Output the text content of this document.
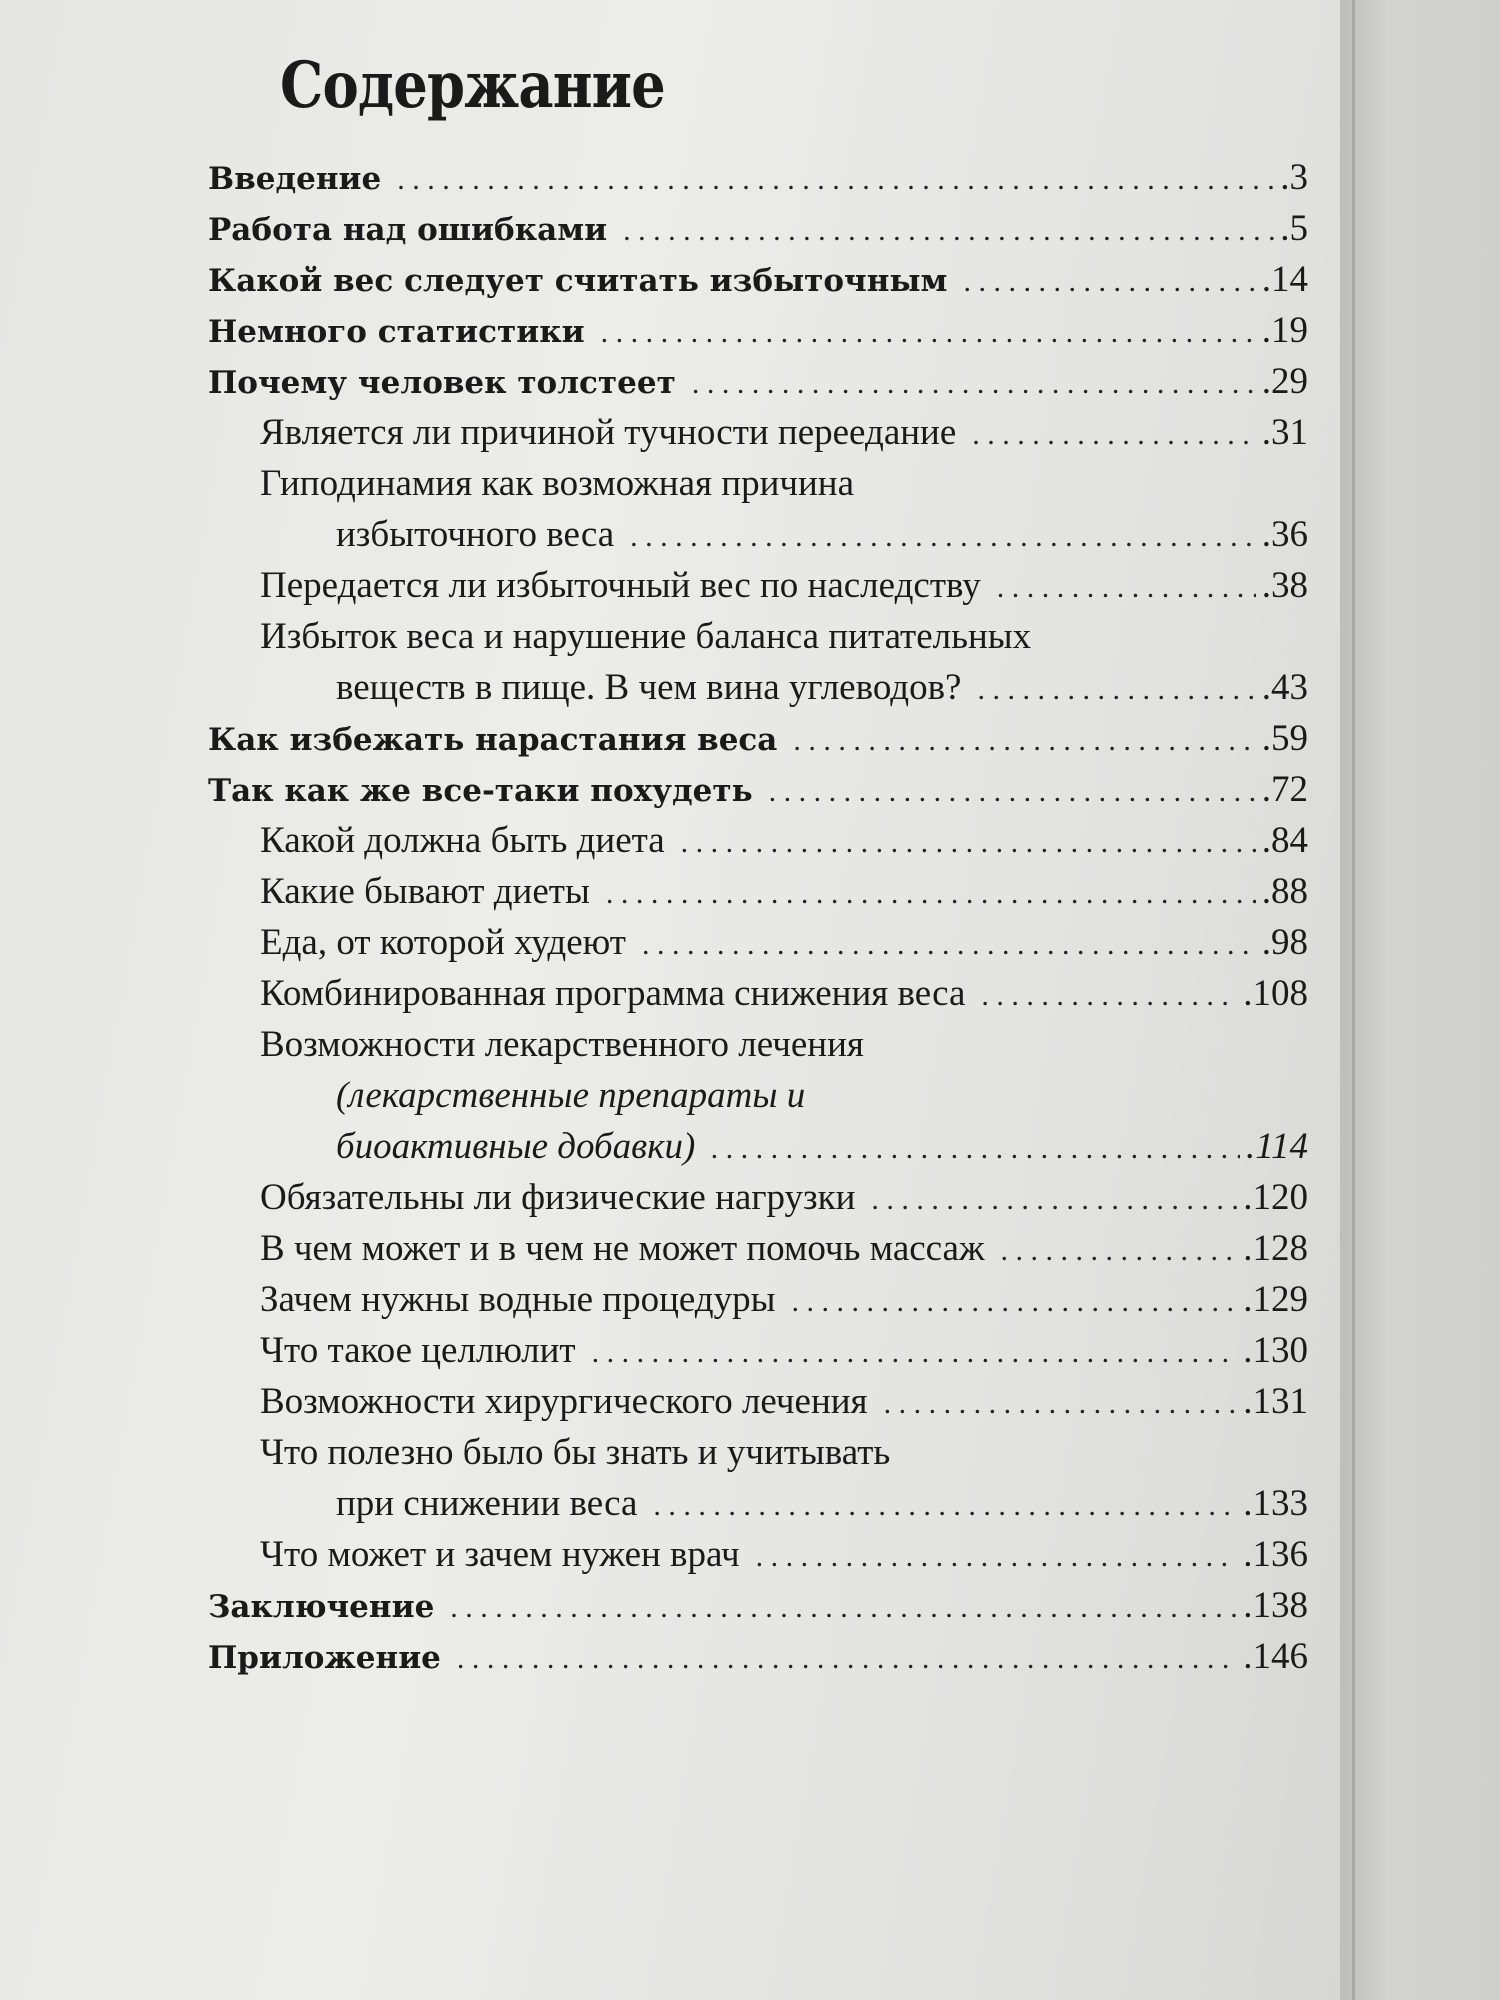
Содержание
Введение . . .	.3
Работа над ошибками . . .	.5
Какой вес следует считать избыточным . . .	.14
Немного статистики . . .	.19
Почему человек толстеет . . .	.29
Является ли причиной тучности переедание . . .	.31
Гиподинамия как возможная причина
избыточного веса . . .	.36
Передается ли избыточный вес по наследству . . .	.38
Избыток веса и нарушение баланса питательных
веществ в пище. В чем вина углеводов? . . .	.43
Как избежать нарастания веса . . .	.59
Так как же все-таки похудеть . . .	.72
Какой должна быть диета . . .	.84
Какие бывают диеты . . .	.88
Еда, от которой худеют . . .	.98
Комбинированная программа снижения веса . . .	.108
Возможности лекарственного лечения
(лекарственные препараты и
биоактивные добавки) . . .	.114
Обязательны ли физические нагрузки . . .	.120
В чем может и в чем не может помочь массаж . . .	.128
Зачем нужны водные процедуры . . .	.129
Что такое целлюлит . . .	.130
Возможности хирургического лечения . . .	.131
Что полезно было бы знать и учитывать
при снижении веса . . .	.133
Что может и зачем нужен врач . . .	.136
Заключение . . .	.138
Приложение . . .	.146
